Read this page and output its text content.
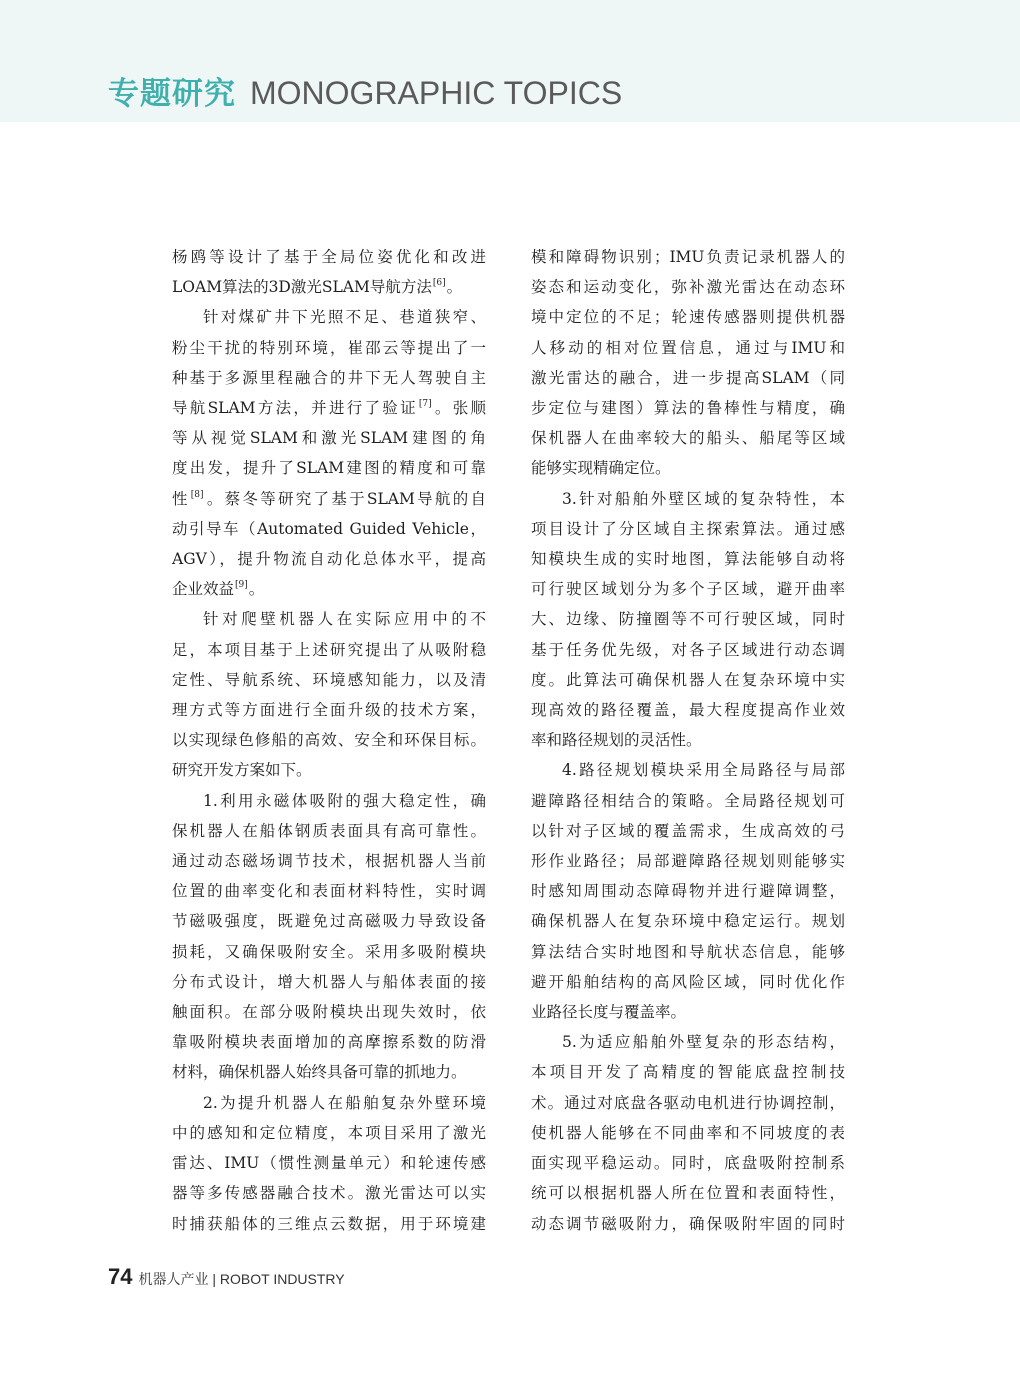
专题研究 MONOGRAPHIC TOPICS

杨鸥等设计了基于全局位姿优化和改进

LOAM算法的3D激光SLAM导航方法[6]。

针对煤矿井下光照不足、巷道狭窄、

粉尘干扰的特别环境，崔邵云等提出了一

种基于多源里程融合的井下无人驾驶自主

导航SLAM方法，并进行了验证[7]。张顺

等从视觉SLAM和激光SLAM建图的角

度出发，提升了SLAM建图的精度和可靠

性[8]。蔡冬等研究了基于SLAM导航的自

动引导车（Automated Guided Vehicle，

AGV），提升物流自动化总体水平，提高

企业效益[9]。

针对爬壁机器人在实际应用中的不

足，本项目基于上述研究提出了从吸附稳

定性、导航系统、环境感知能力，以及清

理方式等方面进行全面升级的技术方案，

以实现绿色修船的高效、安全和环保目标。

研究开发方案如下。

1.利用永磁体吸附的强大稳定性，确

保机器人在船体钢质表面具有高可靠性。

通过动态磁场调节技术，根据机器人当前

位置的曲率变化和表面材料特性，实时调

节磁吸强度，既避免过高磁吸力导致设备

损耗，又确保吸附安全。采用多吸附模块

分布式设计，增大机器人与船体表面的接

触面积。在部分吸附模块出现失效时，依

靠吸附模块表面增加的高摩擦系数的防滑

材料，确保机器人始终具备可靠的抓地力。

2.为提升机器人在船舶复杂外壁环境

中的感知和定位精度，本项目采用了激光

雷达、IMU（惯性测量单元）和轮速传感

器等多传感器融合技术。激光雷达可以实

时捕获船体的三维点云数据，用于环境建

模和障碍物识别；IMU负责记录机器人的

姿态和运动变化，弥补激光雷达在动态环

境中定位的不足；轮速传感器则提供机器

人移动的相对位置信息，通过与IMU和

激光雷达的融合，进一步提高SLAM（同

步定位与建图）算法的鲁棒性与精度，确

保机器人在曲率较大的船头、船尾等区域

能够实现精确定位。

3.针对船舶外壁区域的复杂特性，本

项目设计了分区域自主探索算法。通过感

知模块生成的实时地图，算法能够自动将

可行驶区域划分为多个子区域，避开曲率

大、边缘、防撞圈等不可行驶区域，同时

基于任务优先级，对各子区域进行动态调

度。此算法可确保机器人在复杂环境中实

现高效的路径覆盖，最大程度提高作业效

率和路径规划的灵活性。

4.路径规划模块采用全局路径与局部

避障路径相结合的策略。全局路径规划可

以针对子区域的覆盖需求，生成高效的弓

形作业路径；局部避障路径规划则能够实

时感知周围动态障碍物并进行避障调整，

确保机器人在复杂环境中稳定运行。规划

算法结合实时地图和导航状态信息，能够

避开船舶结构的高风险区域，同时优化作

业路径长度与覆盖率。

5.为适应船舶外壁复杂的形态结构，

本项目开发了高精度的智能底盘控制技

术。通过对底盘各驱动电机进行协调控制，

使机器人能够在不同曲率和不同坡度的表

面实现平稳运动。同时，底盘吸附控制系

统可以根据机器人所在位置和表面特性，

动态调节磁吸附力，确保吸附牢固的同时

74 机器人产业 | ROBOT INDUSTRY
